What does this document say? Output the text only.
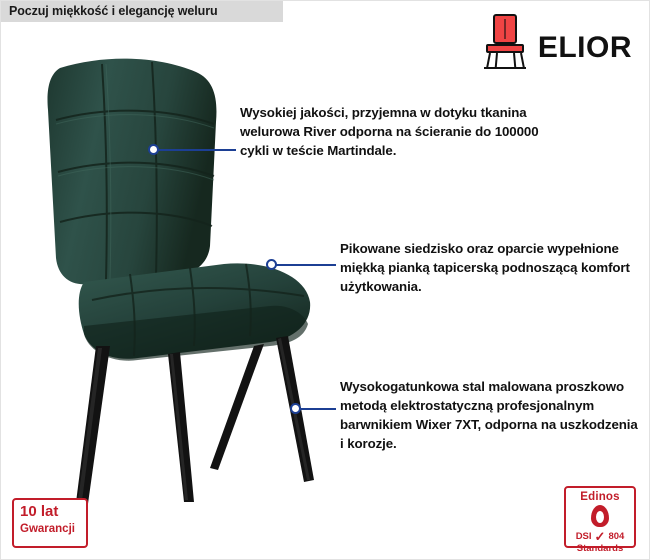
Poczuj miękkość i elegancję weluru
ELIOR
Wysokiej jakości, przyjemna w dotyku tkanina welurowa River odporna na ścieranie do 100000 cykli w teście Martindale.
Pikowane siedzisko oraz oparcie wypełnione miękką pianką tapicerską podnoszącą komfort użytkowania.
Wysokogatunkowa stal malowana proszkowo metodą elektrostatyczną profesjonalnym barwnikiem Wixer 7XT, odporna na uszkodzenia i korozje.
10 lat
Gwarancji
Edinos
DSI ✓ 804
Standards
